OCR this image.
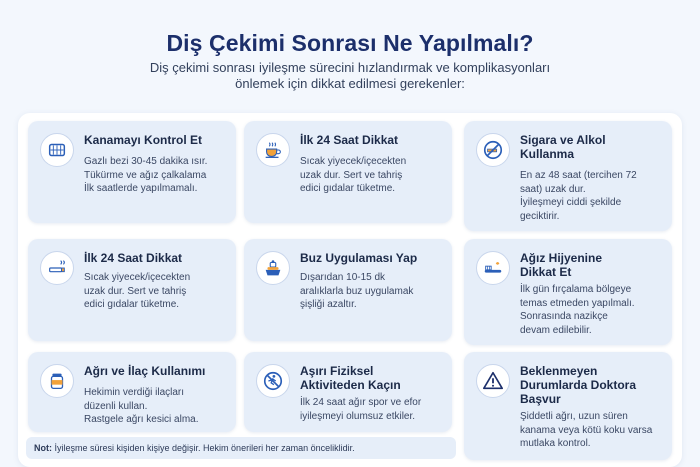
Diş Çekimi Sonrası Ne Yapılmalı?
Diş çekimi sonrası iyileşme sürecini hızlandırmak ve komplikasyonları
önlemek için dikkat edilmesi gerekenler:
Kanamayı Kontrol Et
Gazlı bezi 30-45 dakika ısır.
Tükürme ve ağız çalkalama
İlk saatlerde yapılmamalı.
İlk 24 Saat Dikkat
Sıcak yiyecek/içecekten
uzak dur. Sert ve tahriş
edici gıdalar tüketme.
Sigara ve Alkol
Kullanma
En az 48 saat (tercihen 72
saat) uzak dur.
İyileşmeyi ciddi şekilde
geciktirir.
İlk 24 Saat Dikkat
Sıcak yiyecek/içecekten
uzak dur. Sert ve tahriş
edici gıdalar tüketme.
Buz Uygulaması Yap
Dışarıdan 10-15 dk
aralıklarla buz uygulamak
şişliği azaltır.
Ağız Hijyenine
Dikkat Et
İlk gün fırçalama bölgeye
temas etmeden yapılmalı.
Sonrasında nazikçe
devam edilebilir.
Ağrı ve İlaç Kullanımı
Hekimin verdiği ilaçları
düzenli kullan.
Rastgele ağrı kesici alma.
Aşırı Fiziksel
Aktiviteden Kaçın
İlk 24 saat ağır spor ve efor
iyileşmeyi olumsuz etkiler.
Beklenmeyen
Durumlarda Doktora
Başvur
Şiddetli ağrı, uzun süren
kanama veya kötü koku varsa
mutlaka kontrol.
Not: İyileşme süresi kişiden kişiye değişir. Hekim önerileri her zaman önceliklidir.
